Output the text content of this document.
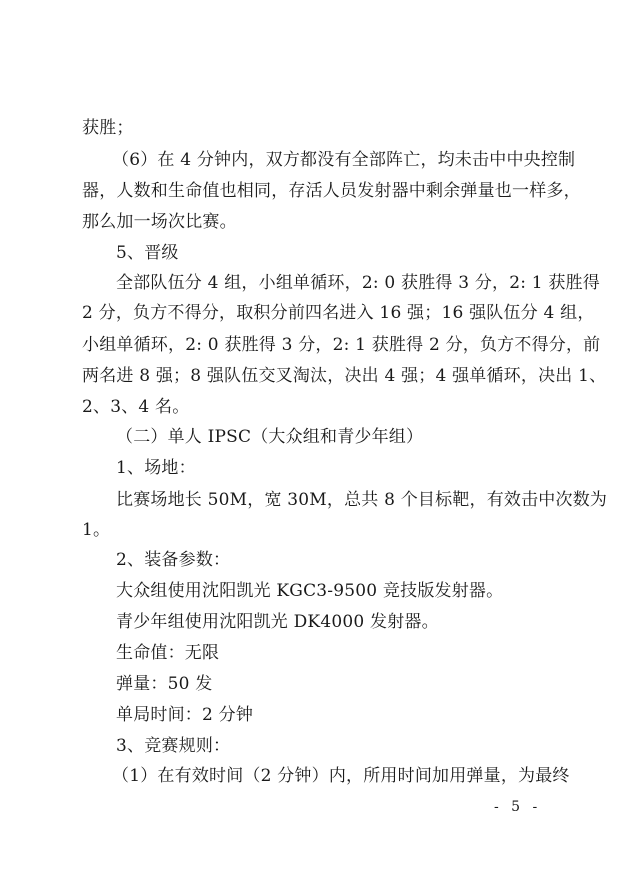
获胜；
（6）在 4 分钟内，双方都没有全部阵亡，均未击中中央控制
器，人数和生命值也相同，存活人员发射器中剩余弹量也一样多，
那么加一场次比赛。
5、晋级
全部队伍分 4 组，小组单循环，2: 0 获胜得 3 分，2: 1 获胜得
2 分，负方不得分，取积分前四名进入 16 强；16 强队伍分 4 组，
小组单循环，2: 0 获胜得 3 分，2: 1 获胜得 2 分，负方不得分，前
两名进 8 强；8 强队伍交叉淘汰，决出 4 强；4 强单循环，决出 1、
2、3、4 名。
（二）单人 IPSC（大众组和青少年组）
1、场地：
比赛场地长 50M，宽 30M，总共 8 个目标靶，有效击中次数为
1。
2、装备参数：
大众组使用沈阳凯光 KGC3-9500 竞技版发射器。
青少年组使用沈阳凯光 DK4000 发射器。
生命值：无限
弹量：50 发
单局时间：2 分钟
3、竞赛规则：
（1）在有效时间（2 分钟）内，所用时间加用弹量，为最终
- 5 -
